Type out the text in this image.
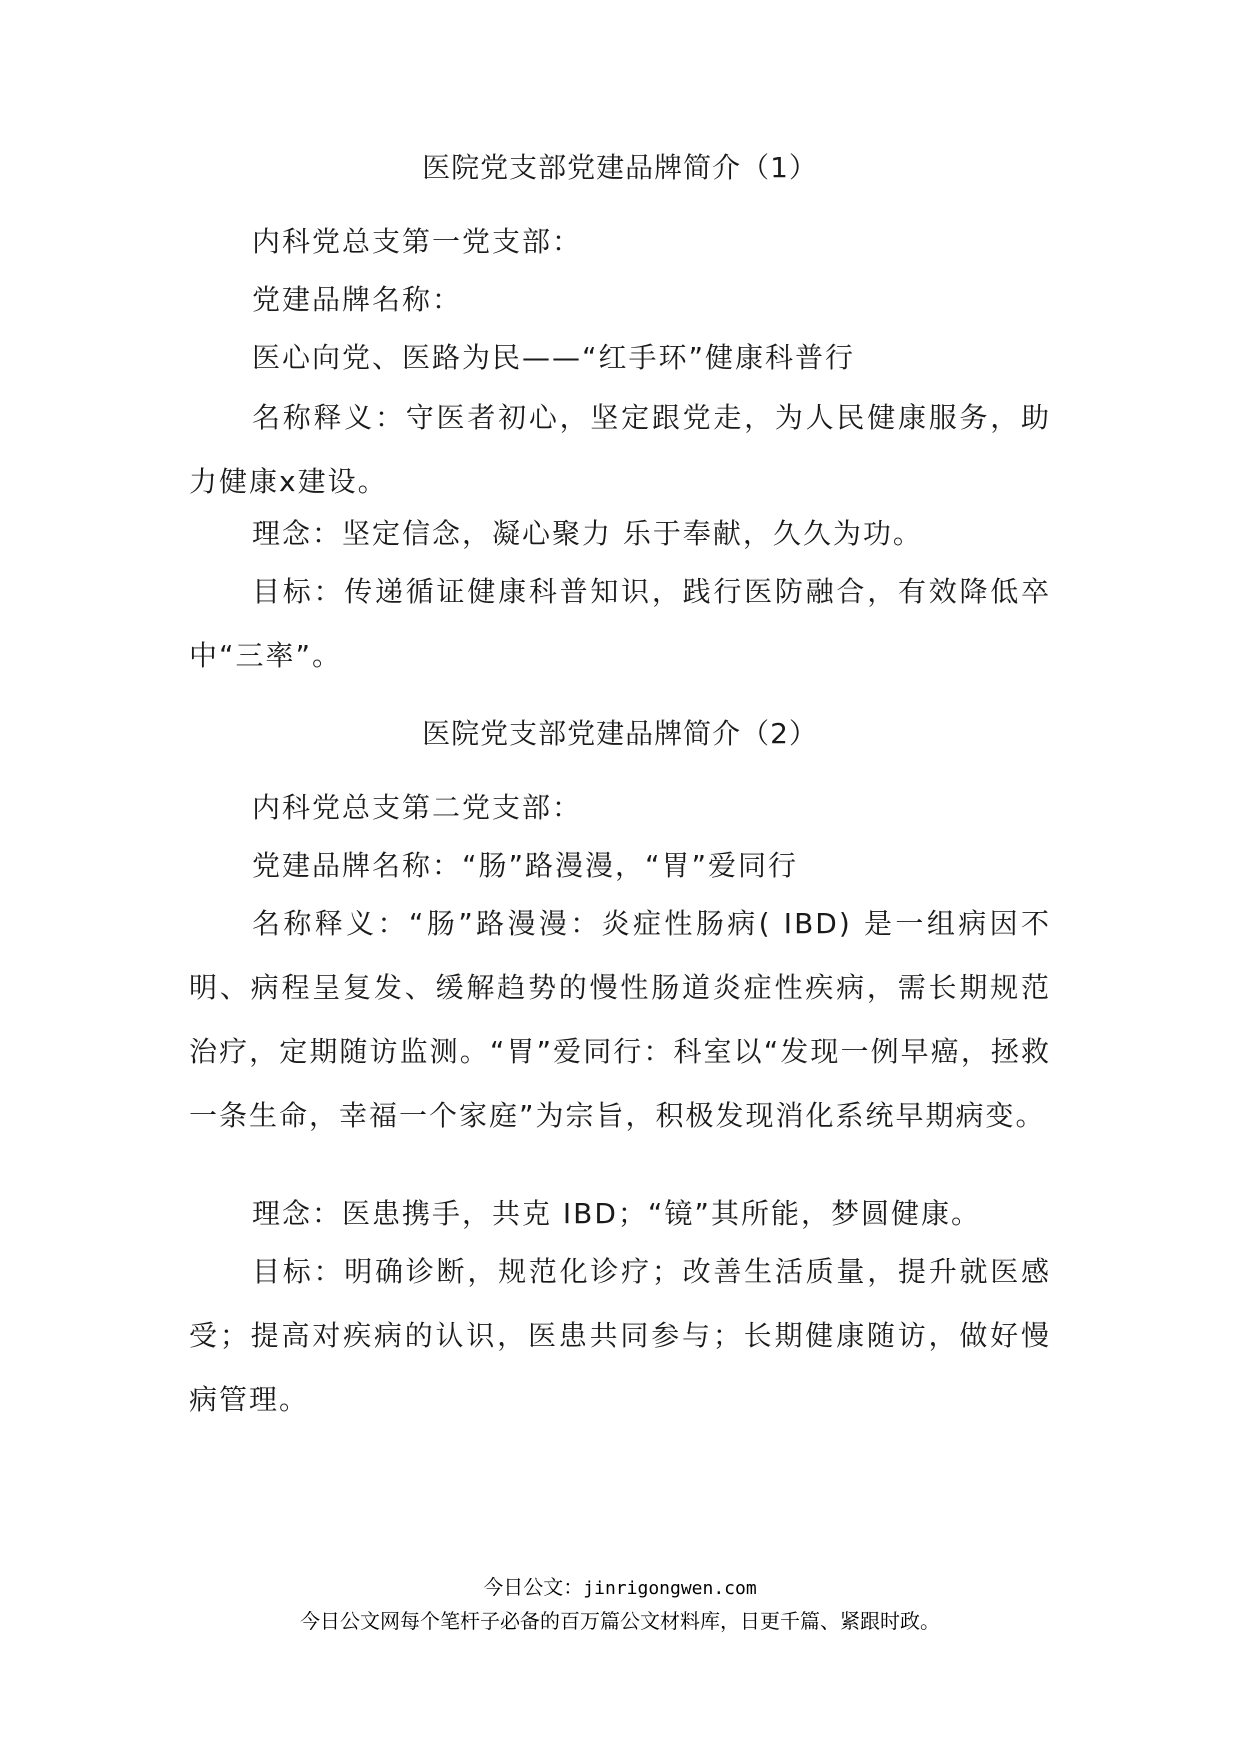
医院党支部党建品牌简介（1）

内科党总支第一党支部：

党建品牌名称：

医心向党、医路为民——“红手环”健康科普行

名称释义：守医者初心，坚定跟党走，为人民健康服务，助力健康x建设。

理念：坚定信念，凝心聚力 乐于奉献，久久为功。

目标：传递循证健康科普知识，践行医防融合，有效降低卒中“三率”。

医院党支部党建品牌简介（2）

内科党总支第二党支部：

党建品牌名称：“肠”路漫漫，“胃”爱同行

名称释义：“肠”路漫漫：炎症性肠病( IBD) 是一组病因不明、病程呈复发、缓解趋势的慢性肠道炎症性疾病，需长期规范治疗，定期随访监测。“胃”爱同行：科室以“发现一例早癌，拯救一条生命，幸福一个家庭”为宗旨，积极发现消化系统早期病变。

理念：医患携手，共克 IBD；“镜”其所能，梦圆健康。

目标：明确诊断，规范化诊疗；改善生活质量，提升就医感受；提高对疾病的认识，医患共同参与；长期健康随访，做好慢病管理。

今日公文：jinrigongwen.com
今日公文网每个笔杆子必备的百万篇公文材料库，日更千篇、紧跟时政。
